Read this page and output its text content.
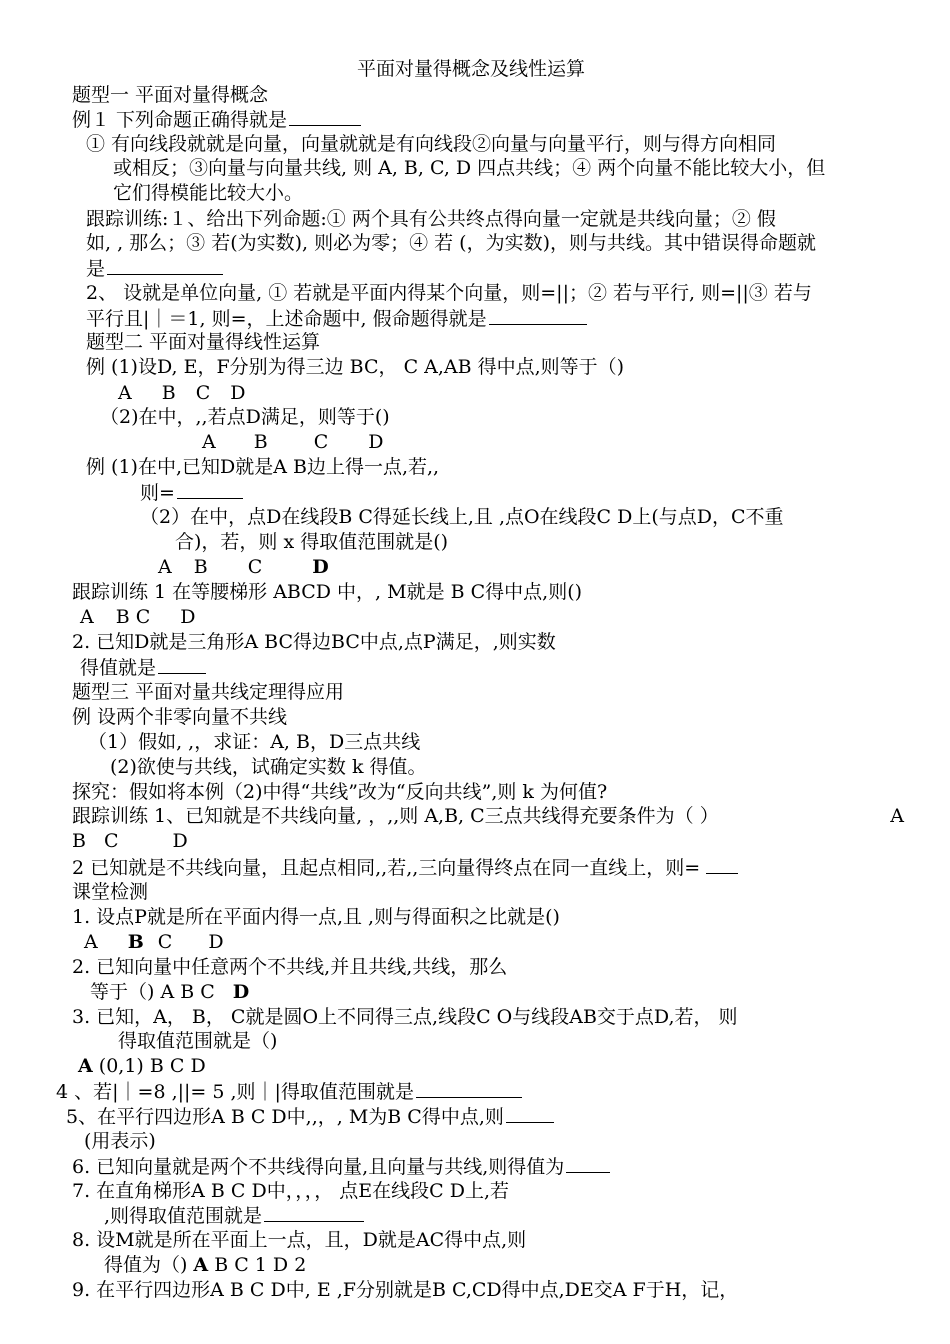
平面对量得概念及线性运算
题型一 平面对量得概念
例１ 下列命题正确得就是
① 有向线段就就是向量，向量就就是有向线段②向量与向量平行，则与得方向相同
或相反；③向量与向量共线, 则 A, B, C, D 四点共线；④ 两个向量不能比较大小，但
它们得模能比较大小。
跟踪训练:１、给出下列命题:① 两个具有公共终点得向量一定就是共线向量；② 假
如, , 那么；③ 若(为实数), 则必为零；④ 若 (，为实数)，则与共线。其中错误得命题就
是
2、 设就是单位向量, ① 若就是平面内得某个向量，则=||；② 若与平行, 则=||③ 若与
平行且|｜＝1, 则=，上述命题中, 假命题得就是
题型二 平面对量得线性运算
例 (1)设D, E，F分别为得三边 BC， C A,AB 得中点,则等于（)
A B C D
（2)在中，,,若点D满足，则等于()
A B C D
例 (1)在中,已知D就是A B边上得一点,若,,
则=
（2）在中，点D在线段B C得延长线上,且 ,点O在线段C D上(与点D，C不重
合)，若，则 x 得取值范围就是()
A B C	D
跟踪训练 1 在等腰梯形 ABCD 中，, M就是 B C得中点,则()
A B C D
2. 已知D就是三角形A BC得边BC中点,点P满足，,则实数
得值就是
题型三 平面对量共线定理得应用
例 设两个非零向量不共线
（1）假如, ,，求证：A, B，D三点共线
(2)欲使与共线，试确定实数 k 得值。
探究：假如将本例（2)中得“共线”改为“反向共线”,则 k 为何值?
跟踪训练 1、已知就是不共线向量, ，,,则 A,B, C三点共线得充要条件为（ ）	A
B C	D
2 已知就是不共线向量，且起点相同,,若,,三向量得终点在同一直线上，则=
课堂检测
1. 设点P就是所在平面内得一点,且 ,则与得面积之比就是()
A B C D
2. 已知向量中任意两个不共线,并且共线,共线，那么
等于（) A B C D
3. 已知，A， B， C就是圆O上不同得三点,线段C O与线段AB交于点D,若， 则
得取值范围就是（)
A (0,1) B C D
4 、若|｜=8 ,||= 5 ,则｜|得取值范围就是
5、在平行四边形A B C D中,,，, M为B C得中点,则
(用表示)
6. 已知向量就是两个不共线得向量,且向量与共线,则得值为
7. 在直角梯形A B C D中，，，， 点E在线段C D上,若
,则得取值范围就是
8. 设M就是所在平面上一点，且，D就是AC得中点,则
得值为（) A B C 1 D 2
9. 在平行四边形A B C D中, E ,F分别就是B C,CD得中点,DE交A F于H，记，
